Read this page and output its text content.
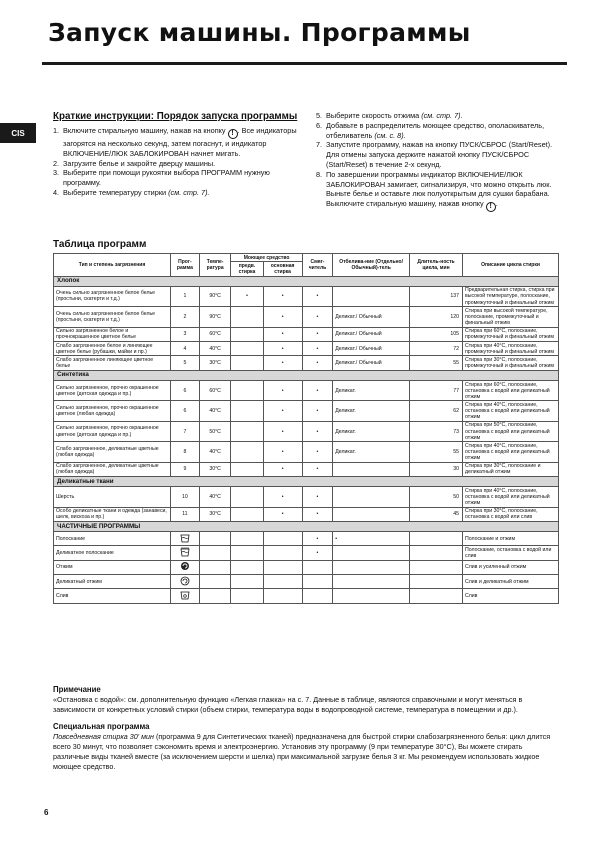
Запуск машины. Программы
CIS
Краткие инструкции: Порядок запуска программы
1. Включите стиральную машину, нажав на кнопку ! . Все индикаторы загорятся на несколько секунд, затем погаснут, и индикатор ВКЛЮЧЕНИЕ/ЛЮК ЗАБЛОКИРОВАН начнет мигать.
2. Загрузите белье и закройте дверцу машины.
3. Выберите при помощи рукоятки выбора ПРОГРАММ нужную программу.
4. Выберите температуру стирки (см. стр. 7).
5. Выберите скорость отжима (см. стр. 7).
6. Добавьте в распределитель моющее средство, ополаскиватель, отбеливатель (см. с. 8).
7. Запустите программу, нажав на кнопку ПУСК/СБРОС (Start/Reset).
Для отмены запуска держите нажатой кнопку ПУСК/СБРОС (Start/Reset) в течение 2-х секунд.
8. По завершении программы индикатор ВКЛЮЧЕНИЕ/ЛЮК ЗАБЛОКИРОВАН замигает, сигнализируя, что можно открыть люк. Выньте белье и оставьте люк полуоткрытым для сушки барабана. Выключите стиральную машину, нажав кнопку ! .
Таблица программ
Тип и степень загрязнения	Прог-рамма	Темпе-ратура	Моющее средство		Смяг-читель	Отбелива-ние (Отдельно/Обычный)-тель	Длитель-ность цикла, мин	Описание цикла стирки
			предв. стирка	основная стирка				
Хлопок								
Очень сильно загрязненное белое белье (простыни, скатерти и т.д.)	1	90°C	•	•	•		137	Предварительная стирка, стирка при высокой температуре, полоскание, промежуточный и финальный отжим
Очень сильно загрязненное белое белье (простыни, скатерти и т.д.)	2	90°C		•	•	Деликат./ Обычный	120	Стирка при высокой температуре, полоскание, промежуточный и финальный отжим
Сильно загрязненное белое и прочнокрашенное цветное белье	3	60°C		•	•	Деликат./ Обычный	105	Стирка при 60°C, полоскание, промежуточный и финальный отжим
Слабо загрязненное белое и линяющее цветное белье (рубашки, майки и пр.)	4	40°C		•	•	Деликат./ Обычный	72	Стирка при 40°C, полоскание, промежуточный и финальный отжим
Слабо загрязненное линяющее цветное белье	5	30°C		•	•	Деликат./ Обычный	55	Стирка при 30°C, полоскание, промежуточный и финальный отжим
Синтетика								
Сильно загрязненное, прочно окрашенное цветное (детская одежда и пр.)	6	60°C		•	•	Деликат.	77	Стирка при 60°C, полоскание, остановка с водой или деликатный отжим
Сильно загрязненное, прочно окрашенное цветное (любая одежда)	6	40°C		•	•	Деликат.	62	Стирка при 40°C, полоскание, остановка с водой или деликатный отжим
Сильно загрязненное, прочно окрашенное цветное (детская одежда и пр.)	7	50°C		•	•	Деликат.	73	Стирка при 50°C, полоскание, остановка с водой или деликатный отжим
Слабо загрязненное, деликатные цветные (любая одежда)	8	40°C		•	•	Деликат.	55	Стирка при 40°C, полоскание, остановка с водой или деликатный отжим
Слабо загрязненное, деликатные цветные (любая одежда)	9	30°C		•	•		30	Стирка при 30°C, полоскание и деликатный отжим
Деликатные ткани								
Шерсть	10	40°C		•	•		50	Стирка при 40°C, полоскание, остановка с водой или деликатный отжим
Особо деликатные ткани и одежда (занавеси, шелк, вискоза и пр.)	11	30°C		•	•		45	Стирка при 30°C, полоскание, остановка с водой или слив
ЧАСТИЧНЫЕ ПРОГРАММЫ								
Полоскание					•	•		Полоскание и отжим
Деликатное полоскание					•			Полоскание, остановка с водой или слив
Отжим								Слив и усиленный отжим
Деликатный отжим								Слив и деликатный отжим
Слив								Слив
Примечание

«Остановка с водой»: см. дополнительную функцию «Легкая глажка» на с. 7. Данные в таблице, являются справочными и могут меняться в зависимости от конкретных условий стирки (объем стирки, температура воды в водопроводной системе, температура в помещении и др.).

Специальная программа

Повседневная стирка 30' мин (программа 9 для Синтетических тканей) предназначена для быстрой стирки слабозагрязненного белья: цикл длится всего 30 минут, что позволяет сэкономить время и электроэнергию. Установив эту программу (9 при температуре 30°C), Вы можете стирать различные виды тканей вместе (за исключением шерсти и шелка) при максимальной загрузке белья 3 кг. Мы рекомендуем использовать жидкое моющее средство.

6
